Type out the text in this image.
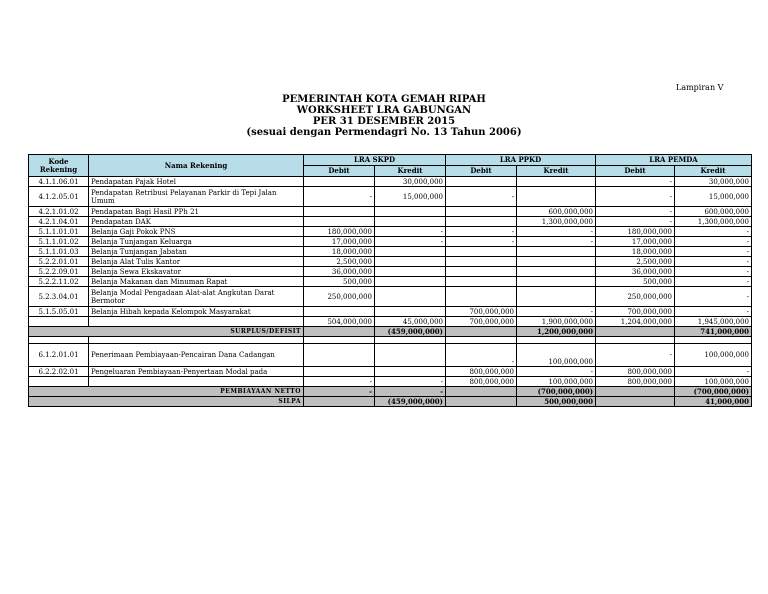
Lampiran V
PEMERINTAH KOTA GEMAH RIPAH
WORKSHEET LRA GABUNGAN
PER 31 DESEMBER 2015
(sesuai dengan Permendagri No. 13 Tahun 2006)
Kode Rekening	Nama Rekening	LRA SKPD		LRA PPKD		LRA PEMDA	
		Debit	Kredit	Debit	Kredit	Debit	Kredit
4.1.1.06.01	Pendapatan Pajak Hotel		30,000,000			-	30,000,000
4.1.2.05.01	Pendapatan Retribusi Pelayanan Parkir di Tepi Jalan Umum	-	15,000,000	-		-	15,000,000
4.2.1.01.02	Pendapatan Bagi Hasil PPh 21				600,000,000	-	600,000,000
4.2.1.04.01	Pendapatan DAK				1,300,000,000	-	1,300,000,000
5.1.1.01.01	Belanja Gaji Pokok PNS	180,000,000	-	-	-	180,000,000	-
5.1.1.01.02	Belanja Tunjangan Keluarga	17,000,000	-	-	-	17,000,000	-
5.1.1.01.03	Belanja Tunjangan Jabatan	18,000,000				18,000,000	-
5.2.2.01.01	Belanja Alat Tulis Kantor	2,500,000				2,500,000	-
5.2.2.09.01	Belanja Sewa Ekskavator	36,000,000				36,000,000	-
5.2.2.11.02	Belanja Makanan dan Minuman Rapat	500,000				500,000	-
5.2.3.04.01	Belanja Modal Pengadaan Alat-alat Angkutan Darat Bermotor	250,000,000				250,000,000	-
5.1.5.05.01	Belanja Hibah kepada Kelompok Masyarakat			700,000,000	-	700,000,000	-
		504,000,000	45,000,000	700,000,000	1,900,000,000	1,204,000,000	1,945,000,000
SURPLUS/DEFISIT			(459,000,000)		1,200,000,000		741,000,000

6.1.2.01.01	Penerimaan Pembiayaan-Pencairan Dana Cadangan			-	100,000,000	-	100,000,000
6.2.2.02.01	Pengeluaran Pembiayaan-Penyertaan Modal pada			800,000,000	-	800,000,000	-
		-	-	800,000,000	100,000,000	800,000,000	100,000,000
PEMBIAYAAN NETTO		-	-		(700,000,000)		(700,000,000)
SILPA			(459,000,000)		500,000,000		41,000,000
